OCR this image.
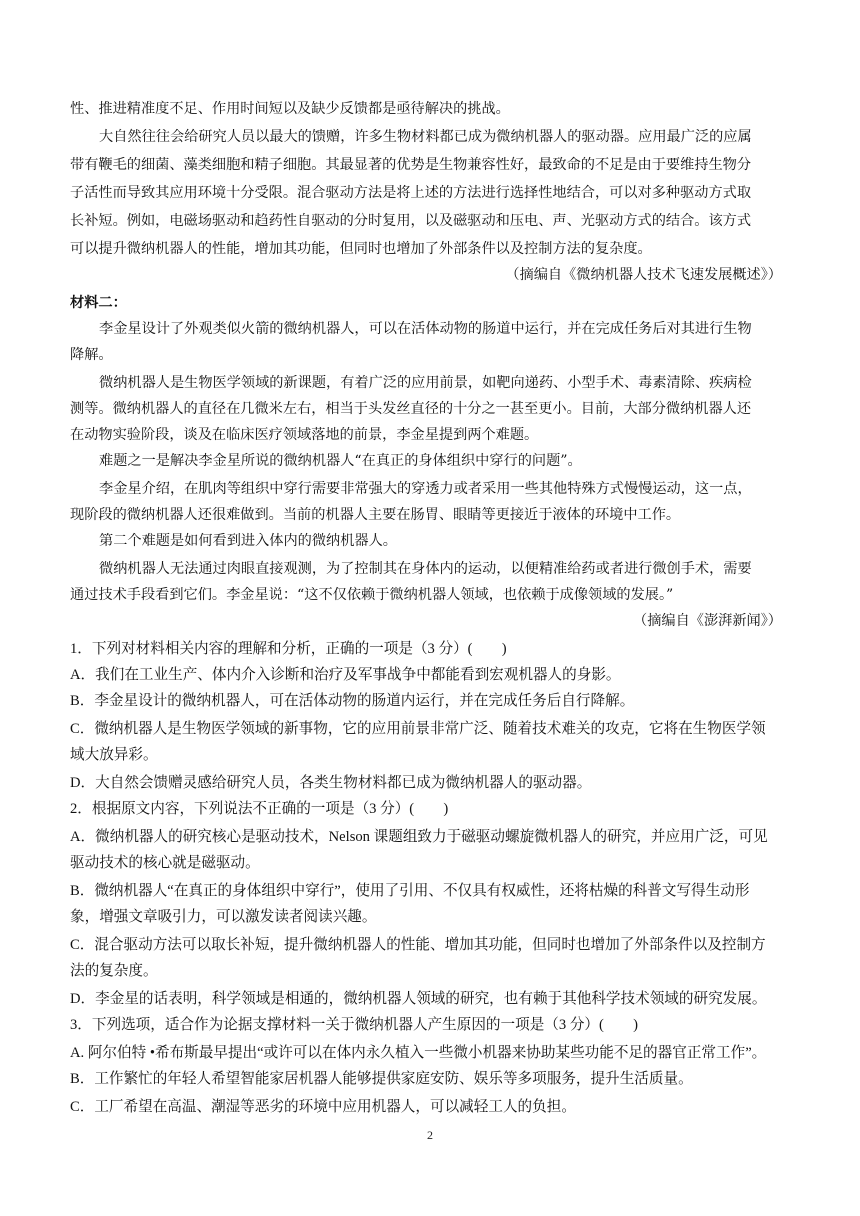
性、推进精准度不足、作用时间短以及缺少反馈都是亟待解决的挑战。
大自然往往会给研究人员以最大的馈赠，许多生物材料都已成为微纳机器人的驱动器。应用最广泛的应属
带有鞭毛的细菌、藻类细胞和精子细胞。其最显著的优势是生物兼容性好，最致命的不足是由于要维持生物分
子活性而导致其应用环境十分受限。混合驱动方法是将上述的方法进行选择性地结合，可以对多种驱动方式取
长补短。例如，电磁场驱动和趋药性自驱动的分时复用，以及磁驱动和压电、声、光驱动方式的结合。该方式
可以提升微纳机器人的性能，增加其功能，但同时也增加了外部条件以及控制方法的复杂度。
（摘编自《微纳机器人技术飞速发展概述》）
材料二：
李金星设计了外观类似火箭的微纳机器人，可以在活体动物的肠道中运行，并在完成任务后对其进行生物
降解。
微纳机器人是生物医学领域的新课题，有着广泛的应用前景，如靶向递药、小型手术、毒素清除、疾病检
测等。微纳机器人的直径在几微米左右，相当于头发丝直径的十分之一甚至更小。目前，大部分微纳机器人还
在动物实验阶段，谈及在临床医疗领域落地的前景，李金星提到两个难题。
难题之一是解决李金星所说的微纳机器人“在真正的身体组织中穿行的问题”。
李金星介绍，在肌肉等组织中穿行需要非常强大的穿透力或者采用一些其他特殊方式慢慢运动，这一点，
现阶段的微纳机器人还很难做到。当前的机器人主要在肠胃、眼睛等更接近于液体的环境中工作。
第二个难题是如何看到进入体内的微纳机器人。
微纳机器人无法通过肉眼直接观测，为了控制其在身体内的运动，以便精准给药或者进行微创手术，需要
通过技术手段看到它们。李金星说：“这不仅依赖于微纳机器人领域，也依赖于成像领域的发展。”
（摘编自《澎湃新闻》）
1．下列对材料相关内容的理解和分析，正确的一项是（3 分）(　　)
A．我们在工业生产、体内介入诊断和治疗及军事战争中都能看到宏观机器人的身影。
B．李金星设计的微纳机器人，可在活体动物的肠道内运行，并在完成任务后自行降解。
C．微纳机器人是生物医学领域的新事物，它的应用前景非常广泛、随着技术难关的攻克，它将在生物医学领
域大放异彩。
D．大自然会馈赠灵感给研究人员，各类生物材料都已成为微纳机器人的驱动器。
2．根据原文内容，下列说法不正确的一项是（3 分）(　　)
A．微纳机器人的研究核心是驱动技术，Nelson 课题组致力于磁驱动螺旋微机器人的研究，并应用广泛，可见
驱动技术的核心就是磁驱动。
B．微纳机器人“在真正的身体组织中穿行”，使用了引用、不仅具有权威性，还将枯燥的科普文写得生动形
象，增强文章吸引力，可以激发读者阅读兴趣。
C．混合驱动方法可以取长补短，提升微纳机器人的性能、增加其功能，但同时也增加了外部条件以及控制方
法的复杂度。
D．李金星的话表明，科学领域是相通的，微纳机器人领域的研究，也有赖于其他科学技术领域的研究发展。
3．下列选项，适合作为论据支撑材料一关于微纳机器人产生原因的一项是（3 分）(　　)
A. 阿尔伯特 •希布斯最早提出“或许可以在体内永久植入一些微小机器来协助某些功能不足的器官正常工作”。
B．工作繁忙的年轻人希望智能家居机器人能够提供家庭安防、娱乐等多项服务，提升生活质量。
C．工厂希望在高温、潮湿等恶劣的环境中应用机器人，可以减轻工人的负担。
2
